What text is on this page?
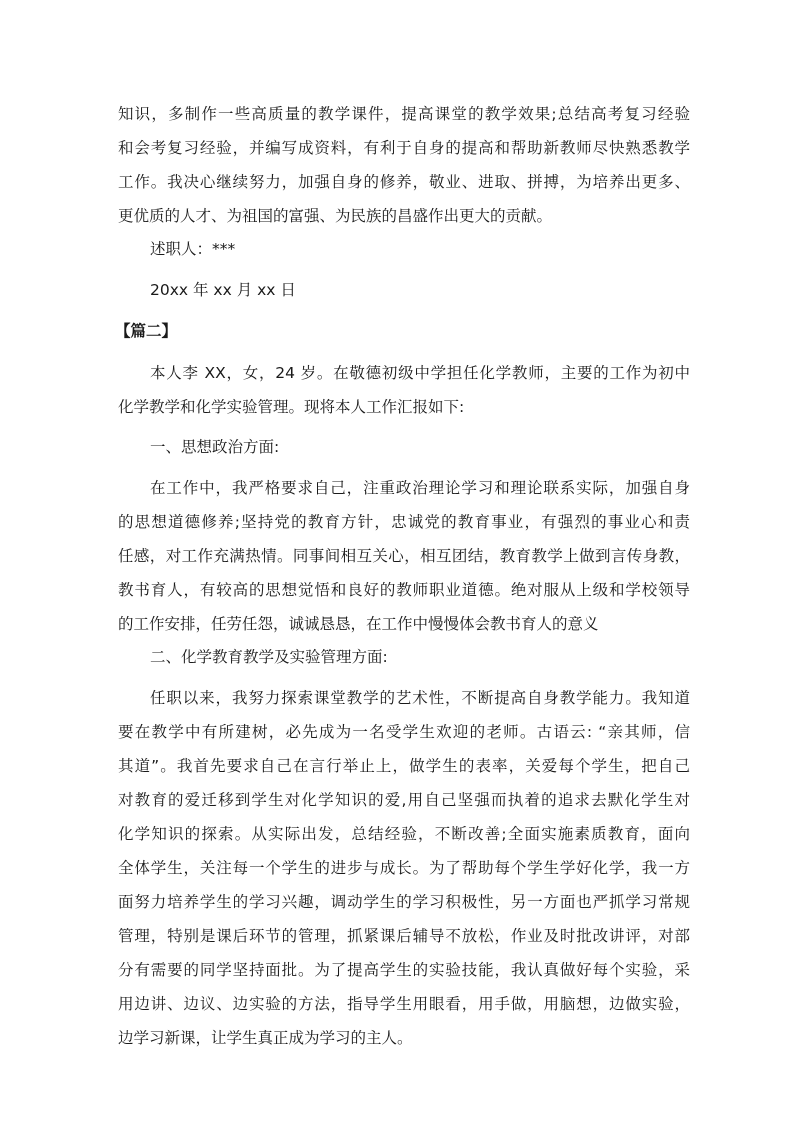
知识，多制作一些高质量的教学课件，提高课堂的教学效果;总结高考复习经验
和会考复习经验，并编写成资料，有利于自身的提高和帮助新教师尽快熟悉教学
工作。我决心继续努力，加强自身的修养，敬业、进取、拼搏，为培养出更多、
更优质的人才、为祖国的富强、为民族的昌盛作出更大的贡献。
述职人：***
20xx 年 xx 月 xx 日
【篇二】
本人李 XX，女，24 岁。在敬德初级中学担任化学教师，主要的工作为初中
化学教学和化学实验管理。现将本人工作汇报如下:
一、思想政治方面:
在工作中，我严格要求自己，注重政治理论学习和理论联系实际，加强自身
的思想道德修养;坚持党的教育方针，忠诚党的教育事业，有强烈的事业心和责
任感，对工作充满热情。同事间相互关心，相互团结，教育教学上做到言传身教，
教书育人，有较高的思想觉悟和良好的教师职业道德。绝对服从上级和学校领导
的工作安排，任劳任怨，诚诚恳恳，在工作中慢慢体会教书育人的意义
二、化学教育教学及实验管理方面:
任职以来，我努力探索课堂教学的艺术性，不断提高自身教学能力。我知道
要在教学中有所建树，必先成为一名受学生欢迎的老师。古语云: “亲其师，信
其道”。我首先要求自己在言行举止上，做学生的表率，关爱每个学生，把自己
对教育的爱迁移到学生对化学知识的爱,用自己坚强而执着的追求去默化学生对
化学知识的探索。从实际出发，总结经验，不断改善;全面实施素质教育，面向
全体学生，关注每一个学生的进步与成长。为了帮助每个学生学好化学，我一方
面努力培养学生的学习兴趣，调动学生的学习积极性，另一方面也严抓学习常规
管理，特别是课后环节的管理，抓紧课后辅导不放松，作业及时批改讲评，对部
分有需要的同学坚持面批。为了提高学生的实验技能，我认真做好每个实验，采
用边讲、边议、边实验的方法，指导学生用眼看，用手做，用脑想，边做实验，
边学习新课，让学生真正成为学习的主人。
